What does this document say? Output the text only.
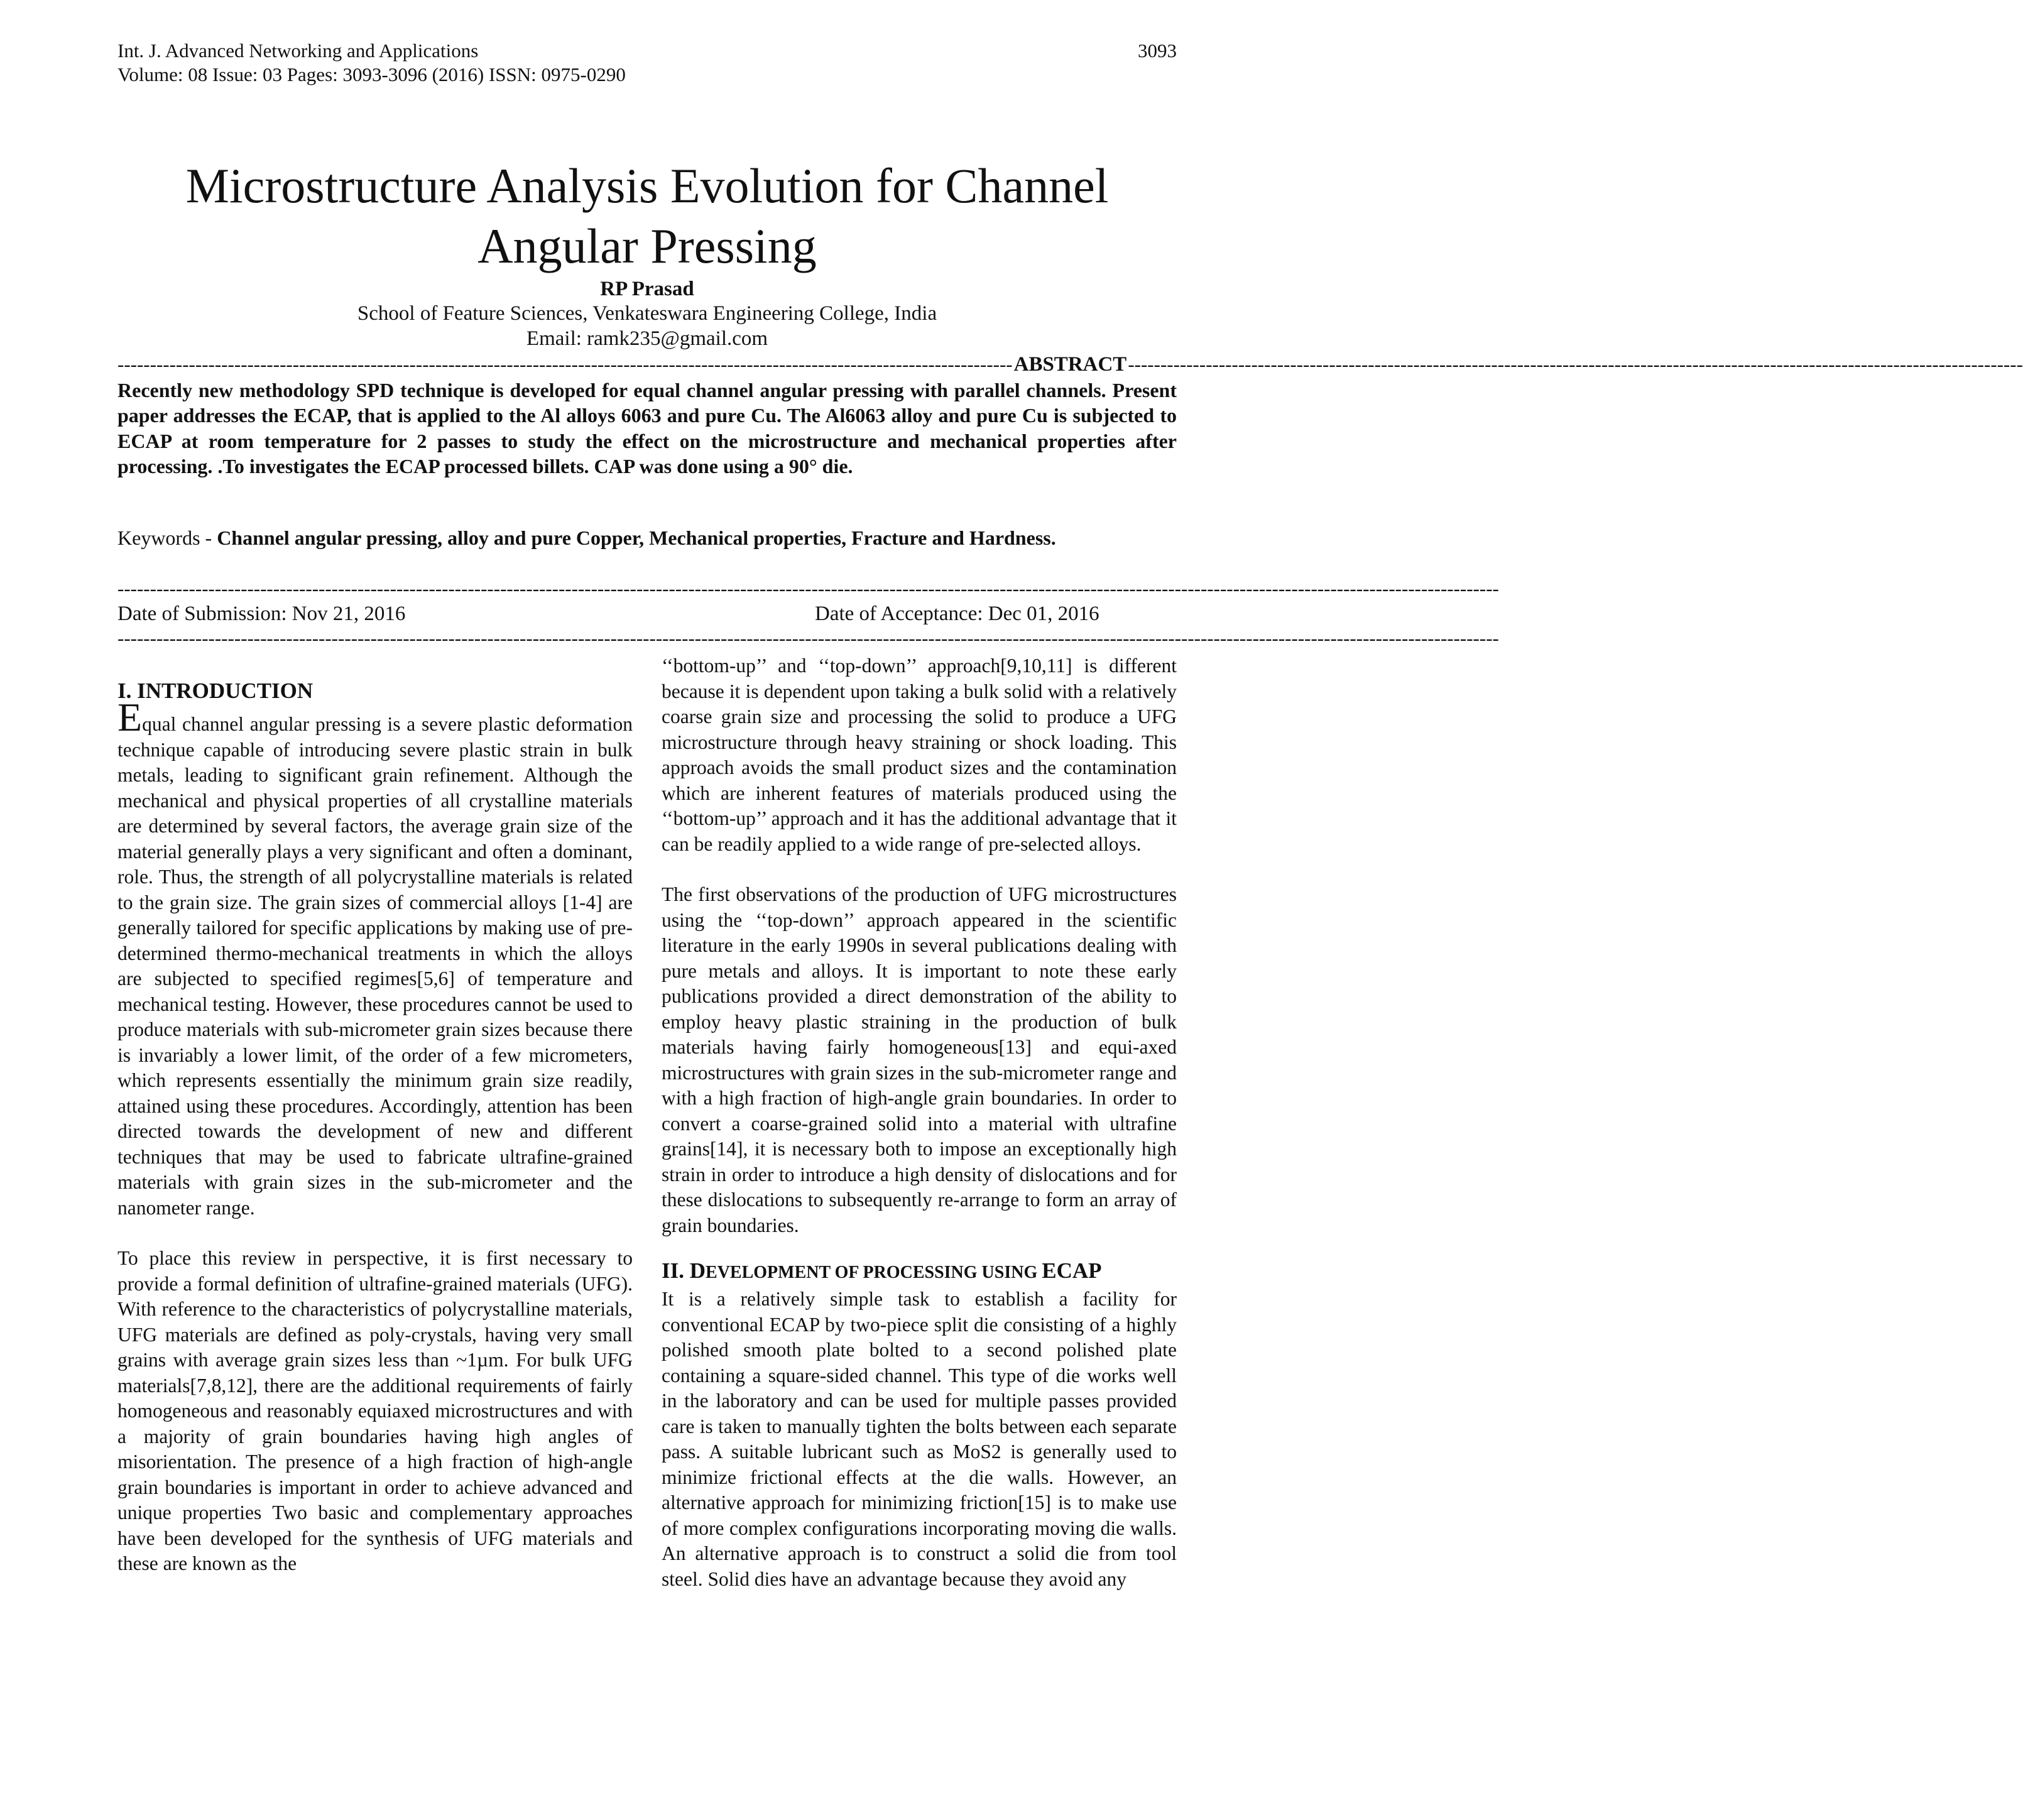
Int. J. Advanced Networking and Applications
Volume: 08 Issue: 03 Pages: 3093-3096 (2016) ISSN: 0975-0290
3093
Microstructure Analysis Evolution for Channel Angular Pressing
RP Prasad
School of Feature Sciences, Venkateswara Engineering College, India
Email: ramk235@gmail.com
------------------------------------------------------------------------------------------------------------------------------------------ ABSTRACT ------------------------------------------------------------------------------------------------------------------------------------------

Recently new methodology SPD technique is developed for equal channel angular pressing with parallel channels. Present paper addresses the ECAP, that is applied to the Al alloys 6063 and pure Cu. The Al6063 alloy and pure Cu is subjected to ECAP at room temperature for 2 passes to study the effect on the microstructure and mechanical properties after processing. .To investigates the ECAP processed billets. CAP was done using a 90° die.

Keywords - Channel angular pressing, alloy and pure Copper, Mechanical properties, Fracture and Hardness.

---------------------------------------------------------------------------------------------------------------------------------------------------------------------------------------------------------------------
Date of Submission: Nov 21, 2016	Date of Acceptance: Dec 01, 2016
---------------------------------------------------------------------------------------------------------------------------------------------------------------------------------------------------------------------

I. INTRODUCTION

Equal channel angular pressing is a severe plastic deformation technique capable of introducing severe plastic strain in bulk metals, leading to significant grain refinement. Although the mechanical and physical properties of all crystalline materials are determined by several factors, the average grain size of the material generally plays a very significant and often a dominant, role. Thus, the strength of all polycrystalline materials is related to the grain size. The grain sizes of commercial alloys [1-4] are generally tailored for specific applications by making use of pre-determined thermo-mechanical treatments in which the alloys are subjected to specified regimes[5,6] of temperature and mechanical testing. However, these procedures cannot be used to produce materials with sub-micrometer grain sizes because there is invariably a lower limit, of the order of a few micrometers, which represents essentially the minimum grain size readily, attained using these procedures. Accordingly, attention has been directed towards the development of new and different techniques that may be used to fabricate ultrafine-grained materials with grain sizes in the sub-micrometer and the nanometer range.

To place this review in perspective, it is first necessary to provide a formal definition of ultrafine-grained materials (UFG). With reference to the characteristics of polycrystalline materials, UFG materials are defined as poly-crystals, having very small grains with average grain sizes less than ~1µm. For bulk UFG materials[7,8,12], there are the additional requirements of fairly homogeneous and reasonably equiaxed microstructures and with a majority of grain boundaries having high angles of misorientation. The presence of a high fraction of high-angle grain boundaries is important in order to achieve advanced and unique properties Two basic and complementary approaches have been developed for the synthesis of UFG materials and these are known as the

‘‘bottom-up’’ and ‘‘top-down’’ approach[9,10,11] is different because it is dependent upon taking a bulk solid with a relatively coarse grain size and processing the solid to produce a UFG microstructure through heavy straining or shock loading. This approach avoids the small product sizes and the contamination which are inherent features of materials produced using the ‘‘bottom-up’’ approach and it has the additional advantage that it can be readily applied to a wide range of pre-selected alloys.

The first observations of the production of UFG microstructures using the ‘‘top-down’’ approach appeared in the scientific literature in the early 1990s in several publications dealing with pure metals and alloys. It is important to note these early publications provided a direct demonstration of the ability to employ heavy plastic straining in the production of bulk materials having fairly homogeneous[13] and equi-axed microstructures with grain sizes in the sub-micrometer range and with a high fraction of high-angle grain boundaries. In order to convert a coarse-grained solid into a material with ultrafine grains[14], it is necessary both to impose an exceptionally high strain in order to introduce a high density of dislocations and for these dislocations to subsequently re-arrange to form an array of grain boundaries.

II. DEVELOPMENT OF PROCESSING USING ECAP

It is a relatively simple task to establish a facility for conventional ECAP by two-piece split die consisting of a highly polished smooth plate bolted to a second polished plate containing a square-sided channel. This type of die works well in the laboratory and can be used for multiple passes provided care is taken to manually tighten the bolts between each separate pass. A suitable lubricant such as MoS2 is generally used to minimize frictional effects at the die walls. However, an alternative approach for minimizing friction[15] is to make use of more complex configurations incorporating moving die walls. An alternative approach is to construct a solid die from tool steel. Solid dies have an advantage because they avoid any
